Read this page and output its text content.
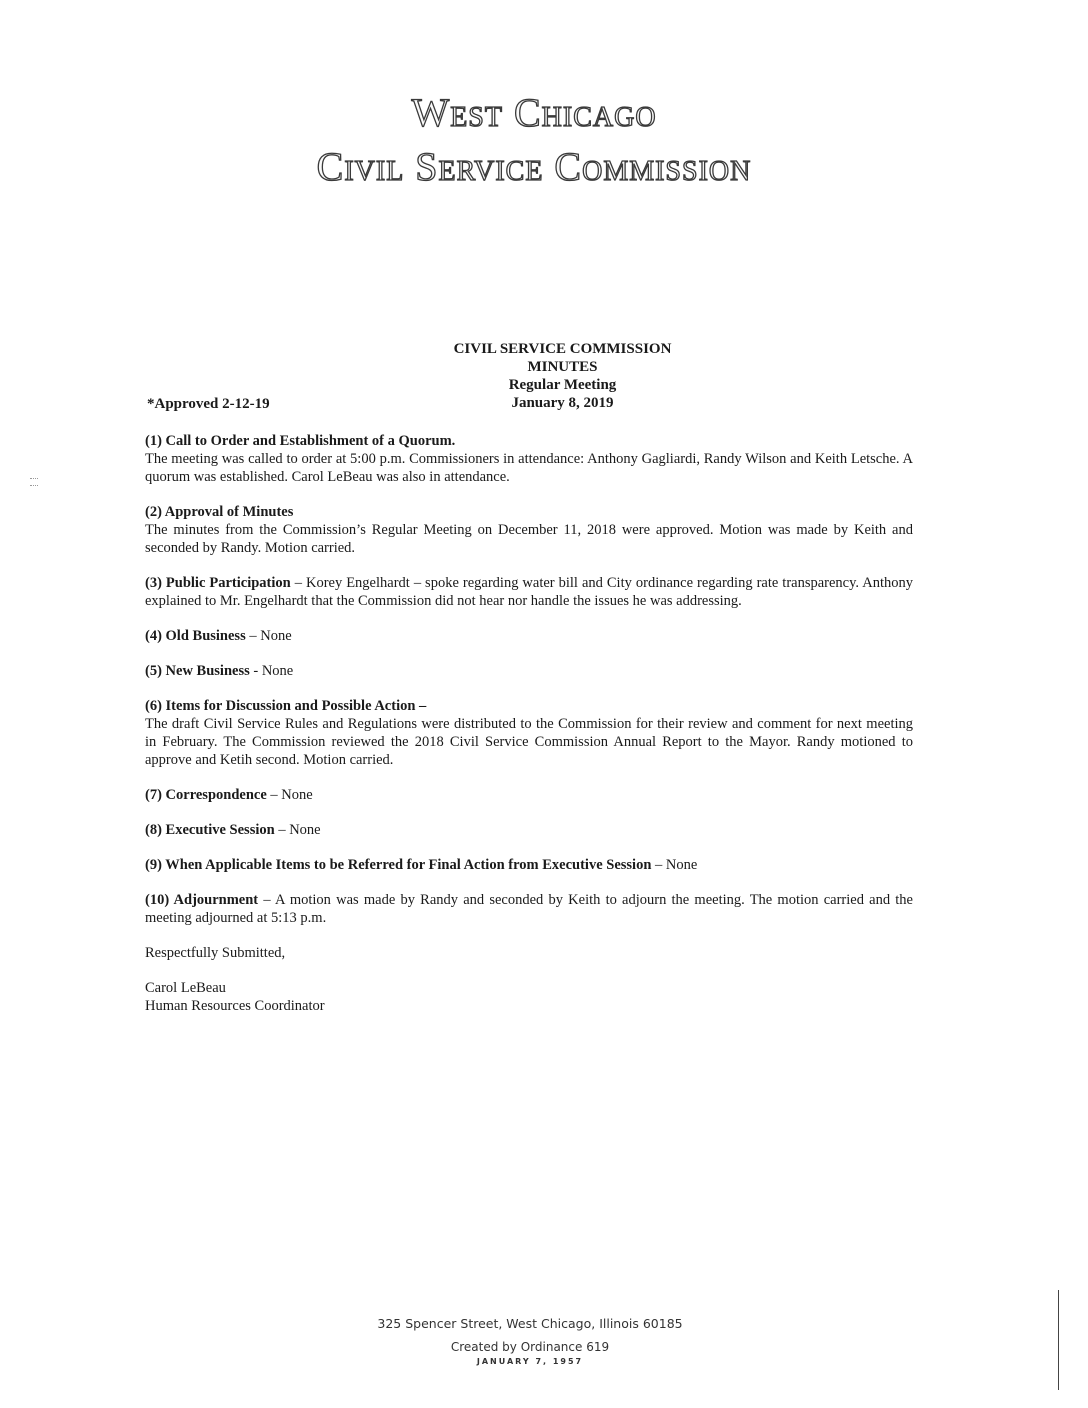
West Chicago
Civil Service Commission
CIVIL SERVICE COMMISSION
MINUTES
Regular Meeting
January 8, 2019
*Approved 2-12-19
(1) Call to Order and Establishment of a Quorum.
The meeting was called to order at 5:00 p.m. Commissioners in attendance: Anthony Gagliardi, Randy Wilson and Keith Letsche. A quorum was established. Carol LeBeau was also in attendance.
(2) Approval of Minutes
The minutes from the Commission’s Regular Meeting on December 11, 2018 were approved. Motion was made by Keith and seconded by Randy. Motion carried.
(3) Public Participation – Korey Engelhardt – spoke regarding water bill and City ordinance regarding rate transparency. Anthony explained to Mr. Engelhardt that the Commission did not hear nor handle the issues he was addressing.
(4) Old Business – None
(5) New Business - None
(6) Items for Discussion and Possible Action –
The draft Civil Service Rules and Regulations were distributed to the Commission for their review and comment for next meeting in February. The Commission reviewed the 2018 Civil Service Commission Annual Report to the Mayor. Randy motioned to approve and Ketih second. Motion carried.
(7) Correspondence – None
(8) Executive Session – None
(9) When Applicable Items to be Referred for Final Action from Executive Session – None
(10) Adjournment – A motion was made by Randy and seconded by Keith to adjourn the meeting. The motion carried and the meeting adjourned at 5:13 p.m.
Respectfully Submitted,
Carol LeBeau
Human Resources Coordinator
325 Spencer Street, West Chicago, Illinois 60185
Created by Ordinance 619
JANUARY 7, 1957
